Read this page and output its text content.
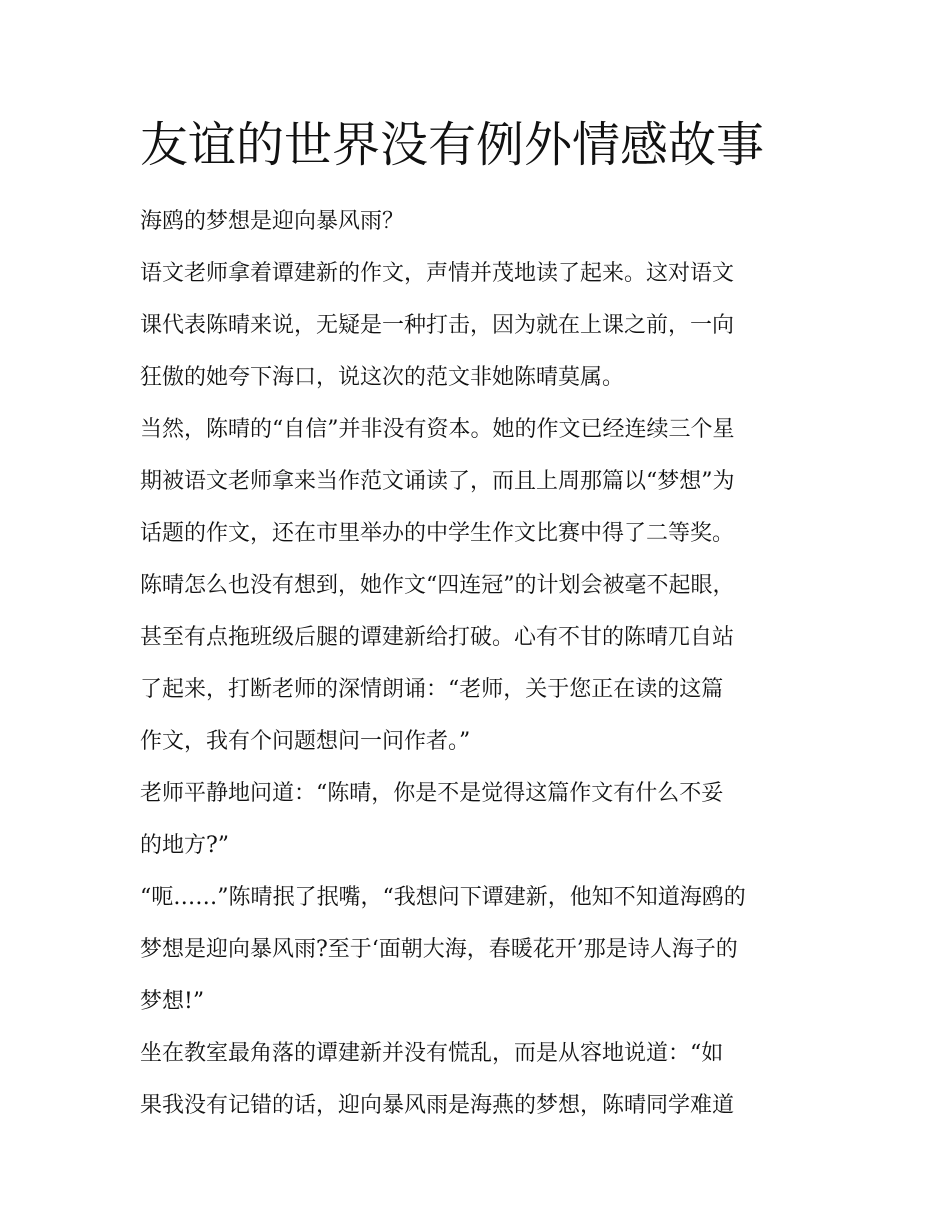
友谊的世界没有例外情感故事

海鸥的梦想是迎向暴风雨？

语文老师拿着谭建新的作文，声情并茂地读了起来。这对语文

课代表陈晴来说，无疑是一种打击，因为就在上课之前，一向

狂傲的她夸下海口，说这次的范文非她陈晴莫属。

当然，陈晴的“自信”并非没有资本。她的作文已经连续三个星

期被语文老师拿来当作范文诵读了，而且上周那篇以“梦想”为

话题的作文，还在市里举办的中学生作文比赛中得了二等奖。

陈晴怎么也没有想到，她作文“四连冠”的计划会被毫不起眼，

甚至有点拖班级后腿的谭建新给打破。心有不甘的陈晴兀自站

了起来，打断老师的深情朗诵：“老师，关于您正在读的这篇

作文，我有个问题想问一问作者。”

老师平静地问道：“陈晴，你是不是觉得这篇作文有什么不妥

的地方?”

“呃……”陈晴抿了抿嘴，“我想问下谭建新，他知不知道海鸥的

梦想是迎向暴风雨?至于‘面朝大海，春暖花开’那是诗人海子的

梦想!”

坐在教室最角落的谭建新并没有慌乱，而是从容地说道：“如

果我没有记错的话，迎向暴风雨是海燕的梦想，陈晴同学难道
